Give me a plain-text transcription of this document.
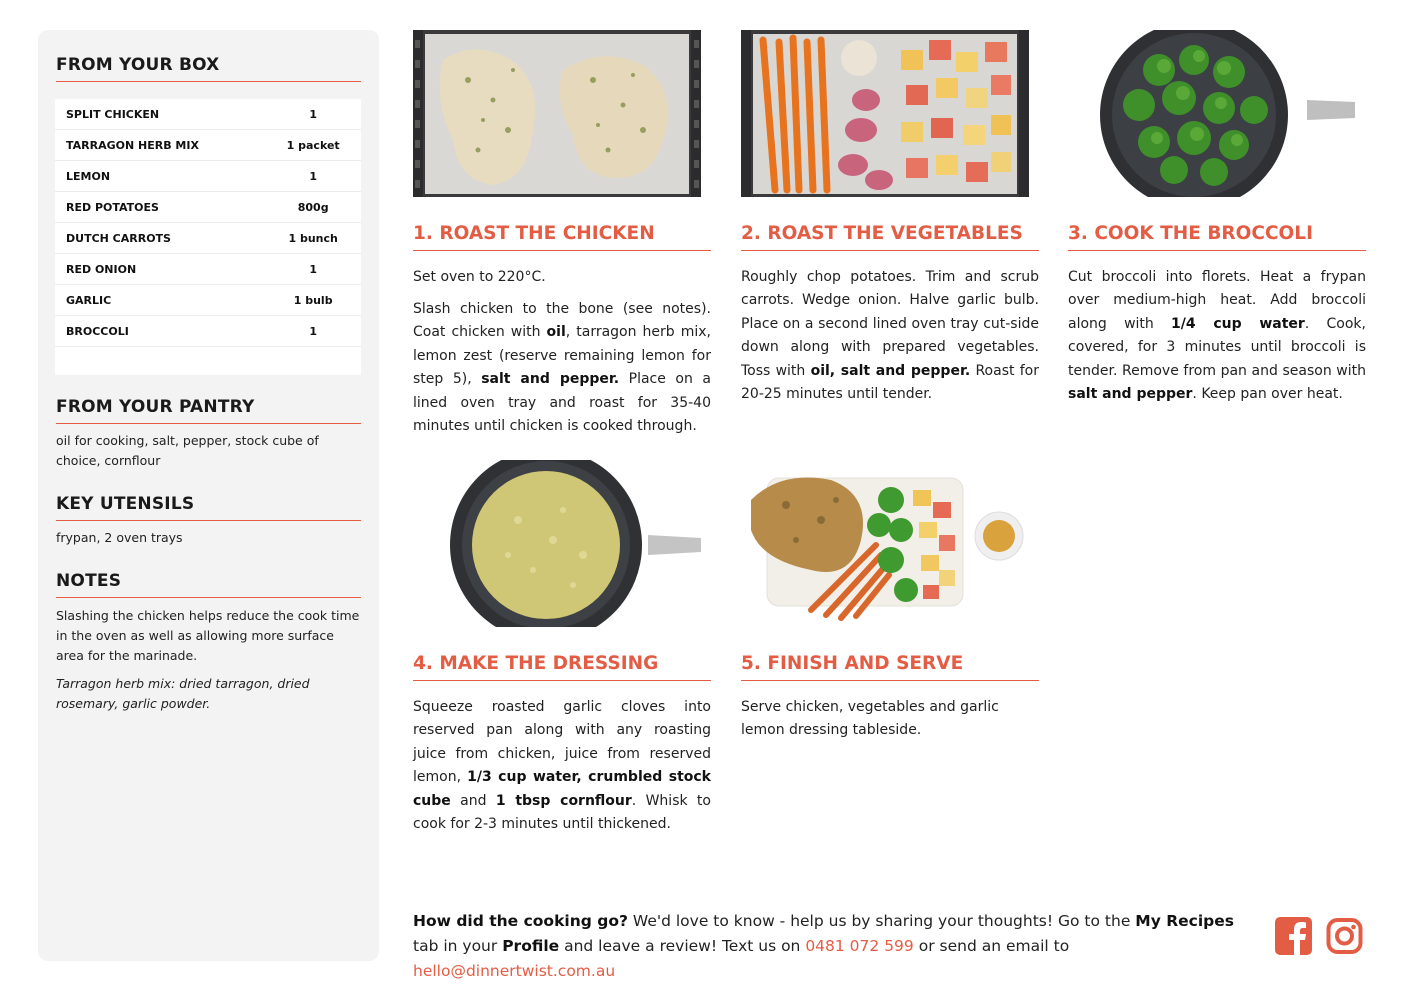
FROM YOUR BOX
SPLIT CHICKEN	1
TARRAGON HERB MIX	1 packet
LEMON	1
RED POTATOES	800g
DUTCH CARROTS	1 bunch
RED ONION	1
GARLIC	1 bulb
BROCCOLI	1
FROM YOUR PANTRY

oil for cooking, salt, pepper, stock cube of choice, cornflour

KEY UTENSILS

frypan, 2 oven trays

NOTES

Slashing the chicken helps reduce the cook time in the oven as well as allowing more surface area for the marinade.

Tarragon herb mix: dried tarragon, dried rosemary, garlic powder.

1. ROAST THE CHICKEN

Set oven to 220°C.

Slash chicken to the bone (see notes). Coat chicken with oil, tarragon herb mix, lemon zest (reserve remaining lemon for step 5), salt and pepper. Place on a lined oven tray and roast for 35-40 minutes until chicken is cooked through.

2. ROAST THE VEGETABLES

Roughly chop potatoes. Trim and scrub carrots. Wedge onion. Halve garlic bulb. Place on a second lined oven tray cut-side down along with prepared vegetables. Toss with oil, salt and pepper. Roast for 20-25 minutes until tender.

3. COOK THE BROCCOLI

Cut broccoli into florets. Heat a frypan over medium-high heat. Add broccoli along with 1/4 cup water. Cook, covered, for 3 minutes until broccoli is tender. Remove from pan and season with salt and pepper. Keep pan over heat.

4. MAKE THE DRESSING

Squeeze roasted garlic cloves into reserved pan along with any roasting juice from chicken, juice from reserved lemon, 1/3 cup water, crumbled stock cube and 1 tbsp cornflour. Whisk to cook for 2-3 minutes until thickened.

5. FINISH AND SERVE

Serve chicken, vegetables and garlic lemon dressing tableside.

How did the cooking go? We'd love to know - help us by sharing your thoughts! Go to the My Recipes tab in your Profile and leave a review! Text us on 0481 072 599 or send an email to hello@dinnertwist.com.au
